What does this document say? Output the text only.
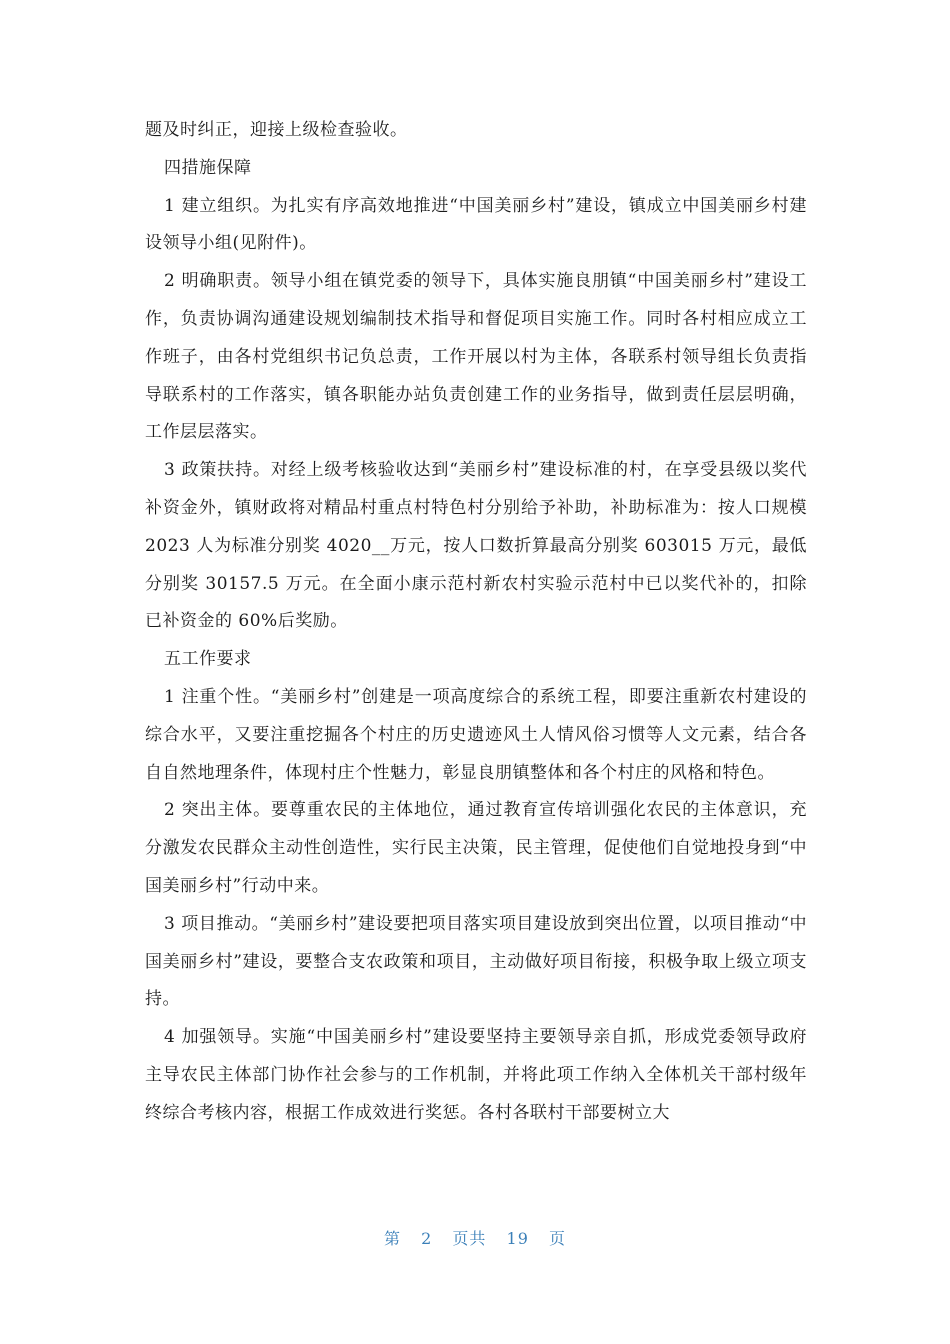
题及时纠正，迎接上级检查验收。

四措施保障

1 建立组织。为扎实有序高效地推进“中国美丽乡村”建设，镇成立中国美丽乡村建设领导小组(见附件)。

2 明确职责。领导小组在镇党委的领导下，具体实施良朋镇“中国美丽乡村”建设工作，负责协调沟通建设规划编制技术指导和督促项目实施工作。同时各村相应成立工作班子，由各村党组织书记负总责，工作开展以村为主体，各联系村领导组长负责指导联系村的工作落实，镇各职能办站负责创建工作的业务指导，做到责任层层明确，工作层层落实。

3 政策扶持。对经上级考核验收达到“美丽乡村”建设标准的村，在享受县级以奖代补资金外，镇财政将对精品村重点村特色村分别给予补助，补助标准为：按人口规模 2023 人为标准分别奖 4020__万元，按人口数折算最高分别奖 603015 万元，最低分别奖 30157.5 万元。在全面小康示范村新农村实验示范村中已以奖代补的，扣除已补资金的 60%后奖励。

五工作要求

1 注重个性。“美丽乡村”创建是一项高度综合的系统工程，即要注重新农村建设的综合水平，又要注重挖掘各个村庄的历史遗迹风土人情风俗习惯等人文元素，结合各自自然地理条件，体现村庄个性魅力，彰显良朋镇整体和各个村庄的风格和特色。

2 突出主体。要尊重农民的主体地位，通过教育宣传培训强化农民的主体意识，充分激发农民群众主动性创造性，实行民主决策，民主管理，促使他们自觉地投身到“中国美丽乡村”行动中来。

3 项目推动。“美丽乡村”建设要把项目落实项目建设放到突出位置，以项目推动“中国美丽乡村”建设，要整合支农政策和项目，主动做好项目衔接，积极争取上级立项支持。

4 加强领导。实施“中国美丽乡村”建设要坚持主要领导亲自抓，形成党委领导政府主导农民主体部门协作社会参与的工作机制，并将此项工作纳入全体机关干部村级年终综合考核内容，根据工作成效进行奖惩。各村各联村干部要树立大

第 2 页共 19 页
